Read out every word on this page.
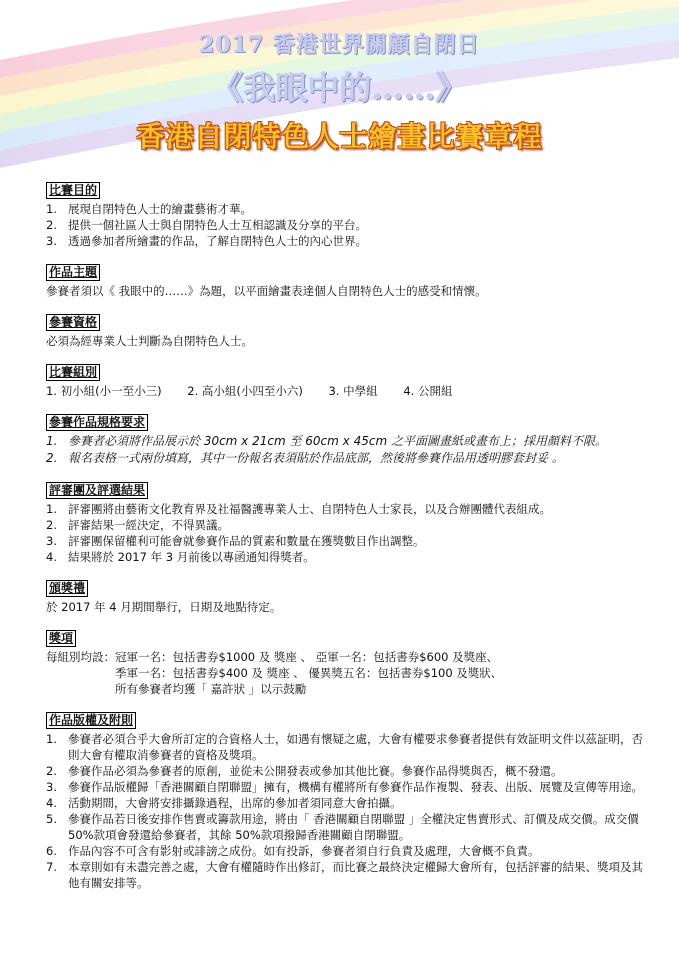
2017 香港世界關顧自閉日
《我眼中的……》
香港自閉特色人士繪畫比賽章程
比賽目的
1. 展現自閉特色人士的繪畫藝術才華。
2. 提供一個社區人士與自閉特色人士互相認識及分享的平台。
3. 透過參加者所繪畫的作品，了解自閉特色人士的內心世界。
作品主題
參賽者須以《 我眼中的……》為題，以平面繪畫表達個人自閉特色人士的感受和情懷。
參賽資格
必須為經專業人士判斷為自閉特色人士。
比賽組別
1. 初小組(小一至小三) 2. 高小組(小四至小六) 3. 中學組 4. 公開組
參賽作品規格要求
1. 參賽者必須將作品展示於 30cm x 21cm 至 60cm x 45cm 之平面圖畫紙或畫布上；採用顏料不限。
2. 報名表格一式兩份填寫，其中一份報名表須貼於作品底部，然後將參賽作品用透明膠套封妥 。
評審團及評選結果
1. 評審團將由藝術文化教育界及社福醫護專業人士、自閉特色人士家長，以及合辦團體代表組成。
2. 評審結果一經決定，不得異議。
3. 評審團保留權利可能會就參賽作品的質素和數量在獲獎數目作出調整。
4. 結果將於 2017 年 3 月前後以專函通知得獎者。
頒獎禮
於 2017 年 4 月期間舉行，日期及地點待定。
獎項
每組別均設： 冠軍一名：包括書券$1000 及 獎座 、 亞軍一名：包括書券$600 及獎座、
季軍一名：包括書券$400 及 獎座 、 優異獎五名：包括書券$100 及獎狀、
所有參賽者均獲「 嘉許狀 」以示鼓勵
作品版權及附則
1. 參賽者必須合乎大會所訂定的合資格人士，如遇有懷疑之處，大會有權要求參賽者提供有效証明文件以茲証明，否則大會有權取消參賽者的資格及獎項。
2. 參賽作品必須為參賽者的原創，並從未公開發表或參加其他比賽。參賽作品得獎與否，概不發還。
3. 參賽作品版權歸「香港關顧自閉聯盟」擁有，機構有權將所有參賽作品作複製、發表、出版、展覽及宣傳等用途。
4. 活動期間，大會將安排攝錄過程，出席的參加者須同意大會拍攝。
5. 參賽作品若日後安排作售賣或籌款用途，將由「 香港關顧自閉聯盟 」全權決定售賣形式、訂價及成交價。成交價 50%款項會發還給參賽者，其餘 50%款項撥歸香港關顧自閉聯盟。
6. 作品內容不可含有影射或誹謗之成份。如有投訴，參賽者須自行負責及處理，大會概不負責。
7. 本章則如有未盡完善之處，大會有權隨時作出修訂，而比賽之最終決定權歸大會所有，包括評審的結果、獎項及其他有關安排等。
